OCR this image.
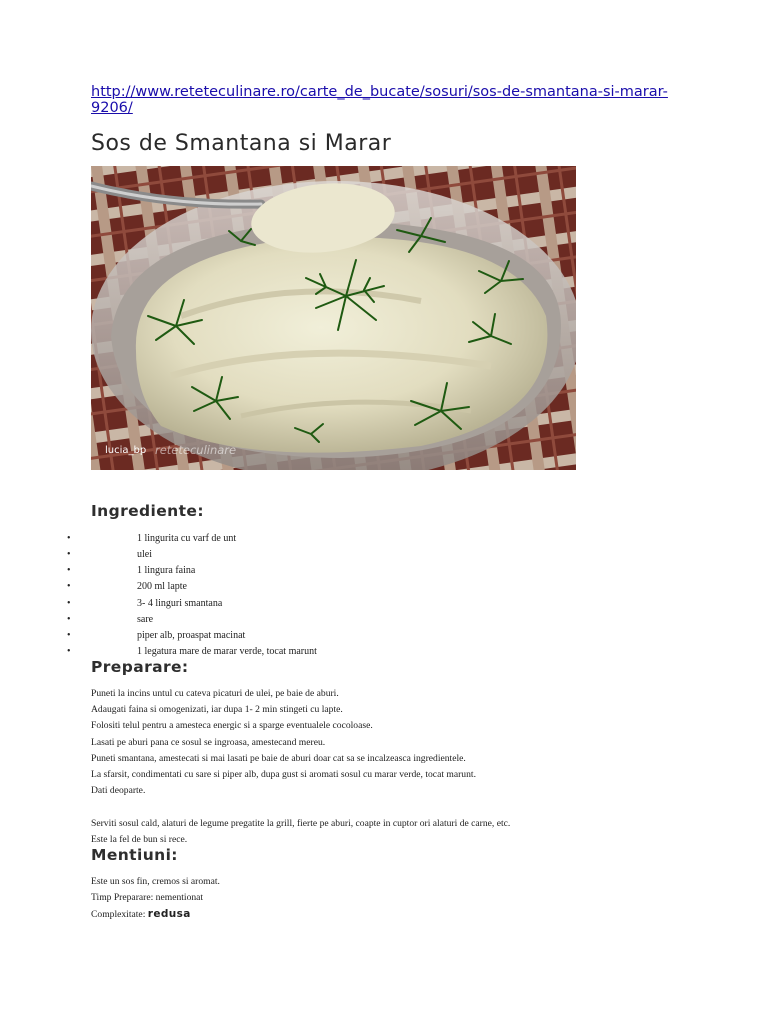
http://www.reteteculinare.ro/carte_de_bucate/sosuri/sos-de-smantana-si-marar-9206/
Sos de Smantana si Marar
lucia_bp reteteculinare
Ingrediente:
•	1 lingurita cu varf de unt
•	ulei
•	1 lingura faina
•	200 ml lapte
•	3- 4 linguri smantana
•	sare
•	piper alb, proaspat macinat
•	1 legatura mare de marar verde, tocat marunt
Preparare:
Puneti la incins untul cu cateva picaturi de ulei, pe baie de aburi.
Adaugati faina si omogenizati, iar dupa 1- 2 min stingeti cu lapte.
Folositi telul pentru a amesteca energic si a sparge eventualele cocoloase.
Lasati pe aburi pana ce sosul se ingroasa, amestecand mereu.
Puneti smantana, amestecati si mai lasati pe baie de aburi doar cat sa se incalzeasca ingredientele.
La sfarsit, condimentati cu sare si piper alb, dupa gust si aromati sosul cu marar verde, tocat marunt.
Dati deoparte.
Serviti sosul cald, alaturi de legume pregatite la grill, fierte pe aburi, coapte in cuptor ori alaturi de carne, etc.
Este la fel de bun si rece.
Mentiuni:
Este un sos fin, cremos si aromat.
Timp Preparare: nementionat
Complexitate: redusa
